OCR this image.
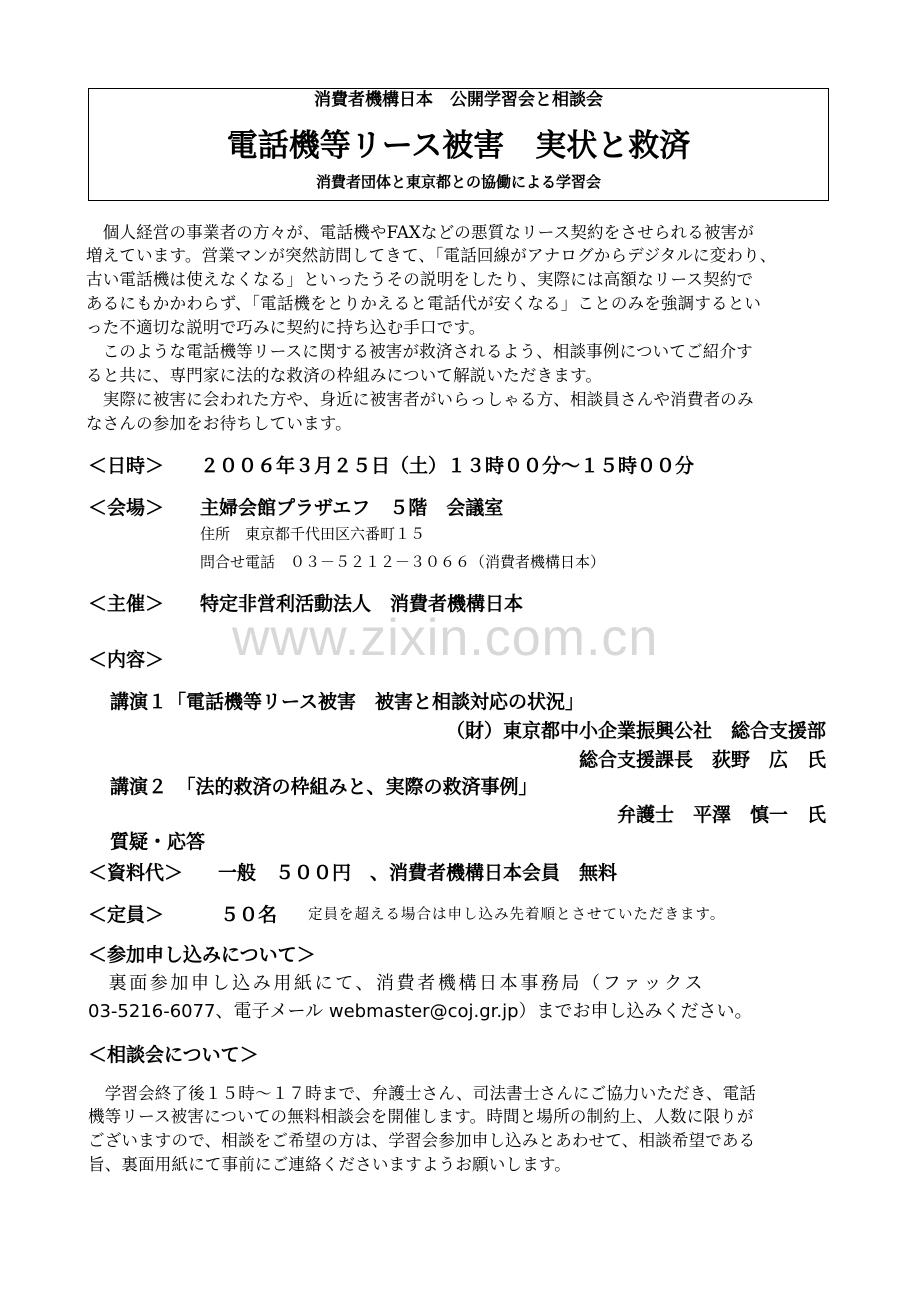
www.zixin.com.cn
消費者機構日本　公開学習会と相談会
電話機等リース被害　実状と救済
消費者団体と東京都との協働による学習会
　個人経営の事業者の方々が、電話機やFAXなどの悪質なリース契約をさせられる被害が
増えています。営業マンが突然訪問してきて、「電話回線がアナログからデジタルに変わり、
古い電話機は使えなくなる」といったうその説明をしたり、実際には高額なリース契約で
あるにもかかわらず、「電話機をとりかえると電話代が安くなる」ことのみを強調するとい
った不適切な説明で巧みに契約に持ち込む手口です。
　このような電話機等リースに関する被害が救済されるよう、相談事例についてご紹介す
ると共に、専門家に法的な救済の枠組みについて解説いただきます。
　実際に被害に会われた方や、身近に被害者がいらっしゃる方、相談員さんや消費者のみ
なさんの参加をお待ちしています。
＜日時＞ ２００６年３月２５日（土）１３時００分～１５時００分
＜会場＞ 主婦会館プラザエフ　５階　会議室
住所　東京都千代田区六番町１５
問合せ電話　０３－５２１２－３０６６（消費者機構日本）
＜主催＞ 特定非営利活動法人　消費者機構日本
＜内容＞
講演１「電話機等リース被害　被害と相談対応の状況」
（財）東京都中小企業振興公社　総合支援部
総合支援課長　荻野　広　氏
講演２　「法的救済の枠組みと、実際の救済事例」
弁護士　平澤　慎一　氏
質疑・応答
＜資料代＞ 一般　５００円　、消費者機構日本会員　無料
＜定員＞	５０名 定員を超える場合は申し込み先着順とさせていただきます。
＜参加申し込みについて＞
　裏面参加申し込み用紙にて、消費者機構日本事務局（ファックス
03-5216-6077、電子メール webmaster@coj.gr.jp）までお申し込みください。
＜相談会について＞
　学習会終了後１５時～１７時まで、弁護士さん、司法書士さんにご協力いただき、電話
機等リース被害についての無料相談会を開催します。時間と場所の制約上、人数に限りが
ございますので、相談をご希望の方は、学習会参加申し込みとあわせて、相談希望である
旨、裏面用紙にて事前にご連絡くださいますようお願いします。
